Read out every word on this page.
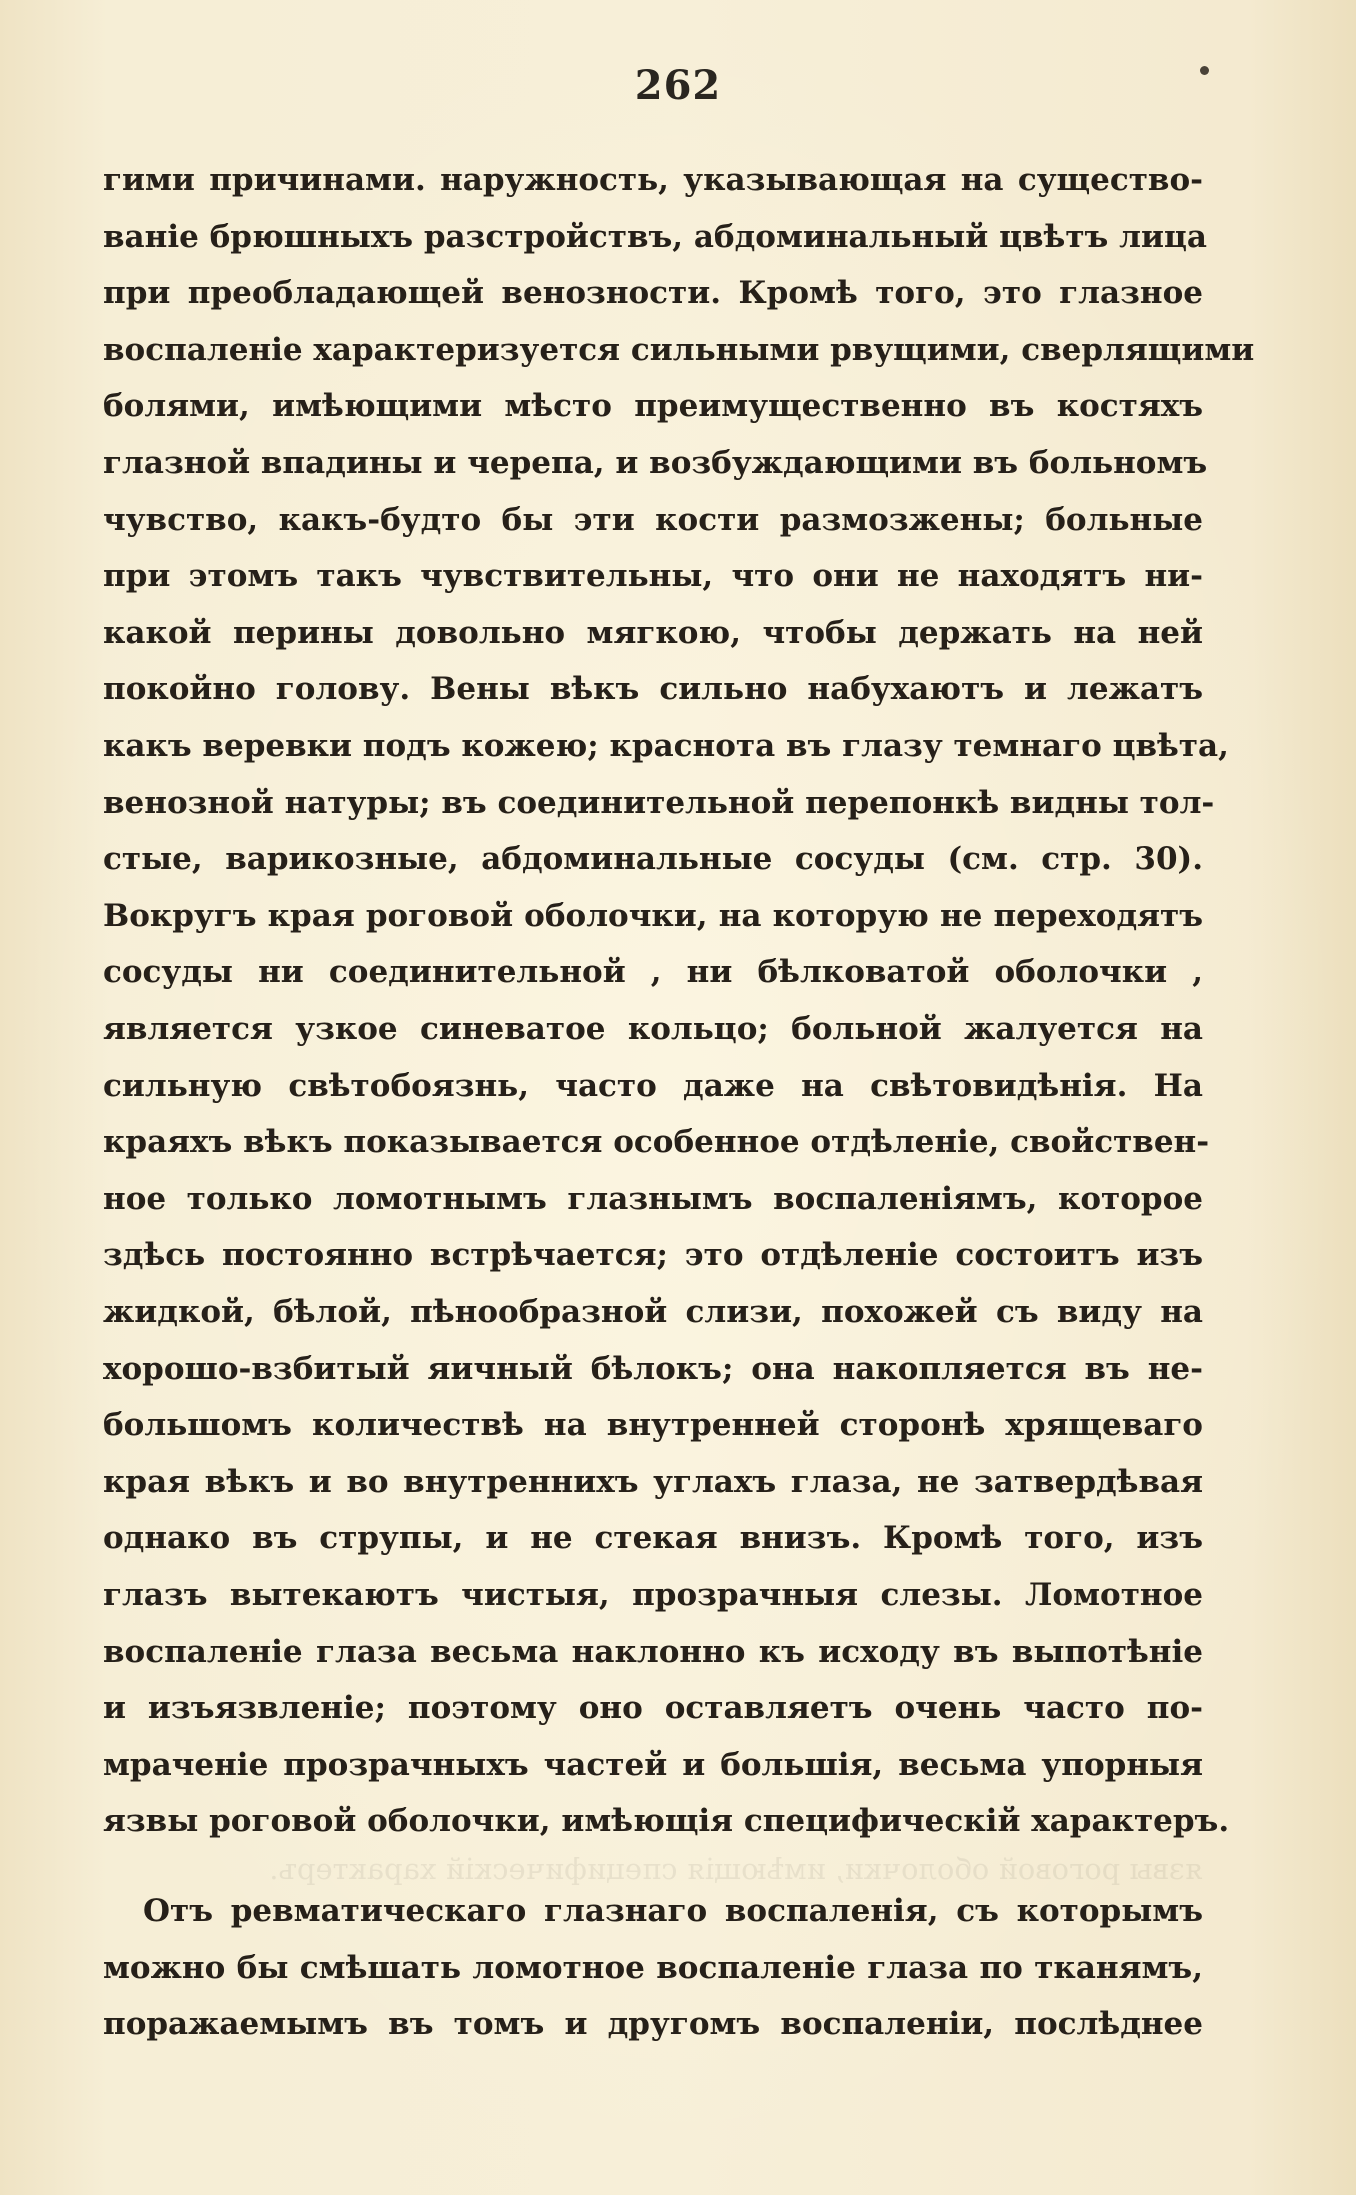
262
гими причинами. наружность, указывающая на существо-
ваніе брюшныхъ разстройствъ, абдоминальный цвѣтъ лица
при преобладающей венозности. Кромѣ того, это глазное
воспаленіе характеризуется сильными рвущими, сверлящими
болями, имѣющими мѣсто преимущественно въ костяхъ
глазной впадины и черепа, и возбуждающими въ больномъ
чувство, какъ-будто бы эти кости размозжены; больные
при этомъ такъ чувствительны, что они не находятъ ни-
какой перины довольно мягкою, чтобы держать на ней
покойно голову. Вены вѣкъ сильно набухаютъ и лежатъ
какъ веревки подъ кожею; краснота въ глазу темнаго цвѣта,
венозной натуры; въ соединительной перепонкѣ видны тол-
стые, варикозные, абдоминальные сосуды (см. стр. 30).
Вокругъ края роговой оболочки, на которую не переходятъ
сосуды ни соединительной , ни бѣлковатой оболочки ,
является узкое синеватое кольцо; больной жалуется на
сильную свѣтобоязнь, часто даже на свѣтовидѣнія. На
краяхъ вѣкъ показывается особенное отдѣленіе, свойствен-
ное только ломотнымъ глазнымъ воспаленіямъ, которое
здѣсь постоянно встрѣчается; это отдѣленіе состоитъ изъ
жидкой, бѣлой, пѣнообразной слизи, похожей съ виду на
хорошо-взбитый яичный бѣлокъ; она накопляется въ не-
большомъ количествѣ на внутренней сторонѣ хрящеваго
края вѣкъ и во внутреннихъ углахъ глаза, не затвердѣвая
однако въ струпы, и не стекая внизъ. Кромѣ того, изъ
глазъ вытекаютъ чистыя, прозрачныя слезы. Ломотное
воспаленіе глаза весьма наклонно къ исходу въ выпотѣніе
и изъязвленіе; поэтому оно оставляетъ очень часто по-
мраченіе прозрачныхъ частей и большія, весьма упорныя
язвы роговой оболочки, имѣющія специфическій характеръ.
язвы роговой оболочки, имѣющія специфическій характеръ.
Отъ ревматическаго глазнаго воспаленія, съ которымъ
можно бы смѣшать ломотное воспаленіе глаза по тканямъ,
поражаемымъ въ томъ и другомъ воспаленіи, послѣднее
